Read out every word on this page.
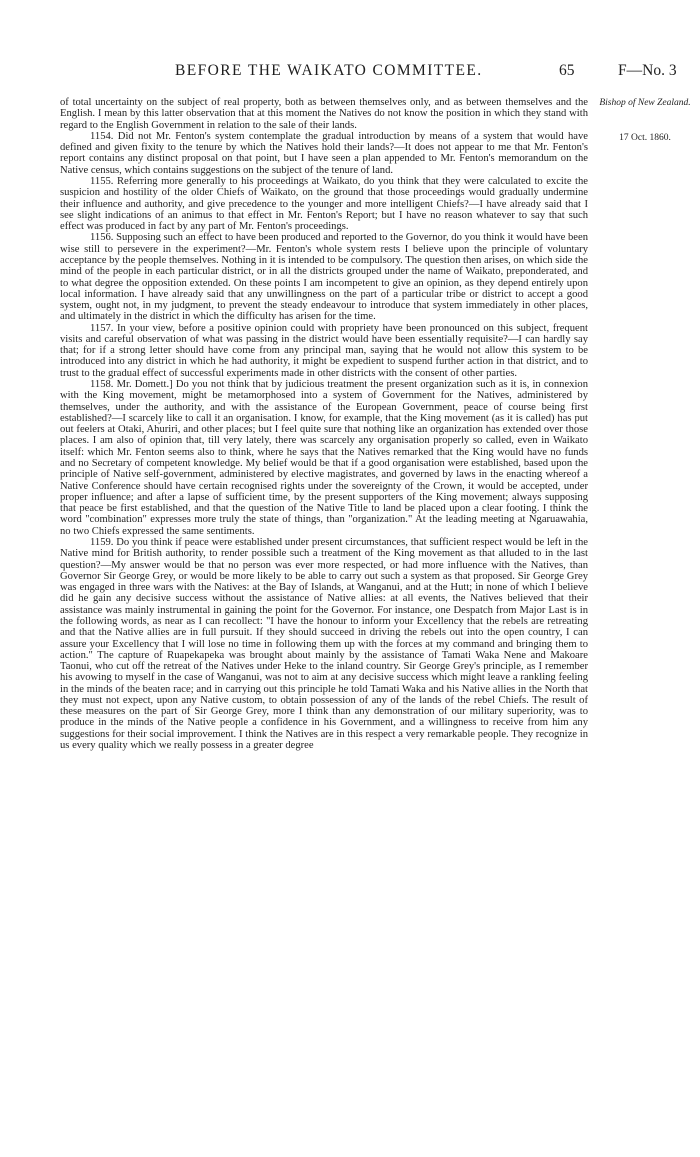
BEFORE THE WAIKATO COMMITTEE.	65	F—No. 3
Bishop of New Zealand.
17 Oct. 1860.

of total uncertainty on the subject of real property, both as between themselves only, and as between themselves and the English. I mean by this latter observation that at this moment the Natives do not know the position in which they stand with regard to the English Government in relation to the sale of their lands.

1154. Did not Mr. Fenton's system contemplate the gradual introduction by means of a system that would have defined and given fixity to the tenure by which the Natives hold their lands?—It does not appear to me that Mr. Fenton's report contains any distinct proposal on that point, but I have seen a plan appended to Mr. Fenton's memorandum on the Native census, which contains suggestions on the subject of the tenure of land.

1155. Referring more generally to his proceedings at Waikato, do you think that they were calculated to excite the suspicion and hostility of the older Chiefs of Waikato, on the ground that those proceedings would gradually undermine their influence and authority, and give precedence to the younger and more intelligent Chiefs?—I have already said that I see slight indications of an animus to that effect in Mr. Fenton's Report; but I have no reason whatever to say that such effect was produced in fact by any part of Mr. Fenton's proceedings.

1156. Supposing such an effect to have been produced and reported to the Governor, do you think it would have been wise still to persevere in the experiment?—Mr. Fenton's whole system rests I believe upon the principle of voluntary acceptance by the people themselves. Nothing in it is intended to be compulsory. The question then arises, on which side the mind of the people in each particular district, or in all the districts grouped under the name of Waikato, preponderated, and to what degree the opposition extended. On these points I am incompetent to give an opinion, as they depend entirely upon local information. I have already said that any unwillingness on the part of a particular tribe or district to accept a good system, ought not, in my judgment, to prevent the steady endeavour to introduce that system immediately in other places, and ultimately in the district in which the difficulty has arisen for the time.

1157. In your view, before a positive opinion could with propriety have been pronounced on this subject, frequent visits and careful observation of what was passing in the district would have been essentially requisite?—I can hardly say that; for if a strong letter should have come from any principal man, saying that he would not allow this system to be introduced into any district in which he had authority, it might be expedient to suspend further action in that district, and to trust to the gradual effect of successful experiments made in other districts with the consent of other parties.

1158. Mr. Domett.] Do you not think that by judicious treatment the present organization such as it is, in connexion with the King movement, might be metamorphosed into a system of Government for the Natives, administered by themselves, under the authority, and with the assistance of the European Government, peace of course being first established?—I scarcely like to call it an organisation. I know, for example, that the King movement (as it is called) has put out feelers at Otaki, Ahuriri, and other places; but I feel quite sure that nothing like an organization has extended over those places. I am also of opinion that, till very lately, there was scarcely any organisation properly so called, even in Waikato itself: which Mr. Fenton seems also to think, where he says that the Natives remarked that the King would have no funds and no Secretary of competent knowledge. My belief would be that if a good organisation were established, based upon the principle of Native self-government, administered by elective magistrates, and governed by laws in the enacting whereof a Native Conference should have certain recognised rights under the sovereignty of the Crown, it would be accepted, under proper influence; and after a lapse of sufficient time, by the present supporters of the King movement; always supposing that peace be first established, and that the question of the Native Title to land be placed upon a clear footing. I think the word "combination" expresses more truly the state of things, than "organization." At the leading meeting at Ngaruawahia, no two Chiefs expressed the same sentiments.

1159. Do you think if peace were established under present circumstances, that sufficient respect would be left in the Native mind for British authority, to render possible such a treatment of the King movement as that alluded to in the last question?—My answer would be that no person was ever more respected, or had more influence with the Natives, than Governor Sir George Grey, or would be more likely to be able to carry out such a system as that proposed. Sir George Grey was engaged in three wars with the Natives: at the Bay of Islands, at Wanganui, and at the Hutt; in none of which I believe did he gain any decisive success without the assistance of Native allies: at all events, the Natives believed that their assistance was mainly instrumental in gaining the point for the Governor. For instance, one Despatch from Major Last is in the following words, as near as I can recollect: "I have the honour to inform your Excellency that the rebels are retreating and that the Native allies are in full pursuit. If they should succeed in driving the rebels out into the open country, I can assure your Excellency that I will lose no time in following them up with the forces at my command and bringing them to action." The capture of Ruapekapeka was brought about mainly by the assistance of Tamati Waka Nene and Makoare Taonui, who cut off the retreat of the Natives under Heke to the inland country. Sir George Grey's principle, as I remember his avowing to myself in the case of Wanganui, was not to aim at any decisive success which might leave a rankling feeling in the minds of the beaten race; and in carrying out this principle he told Tamati Waka and his Native allies in the North that they must not expect, upon any Native custom, to obtain possession of any of the lands of the rebel Chiefs. The result of these measures on the part of Sir George Grey, more I think than any demonstration of our military superiority, was to produce in the minds of the Native people a confidence in his Government, and a willingness to receive from him any suggestions for their social improvement. I think the Natives are in this respect a very remarkable people. They recognize in us every quality which we really possess in a greater degree
